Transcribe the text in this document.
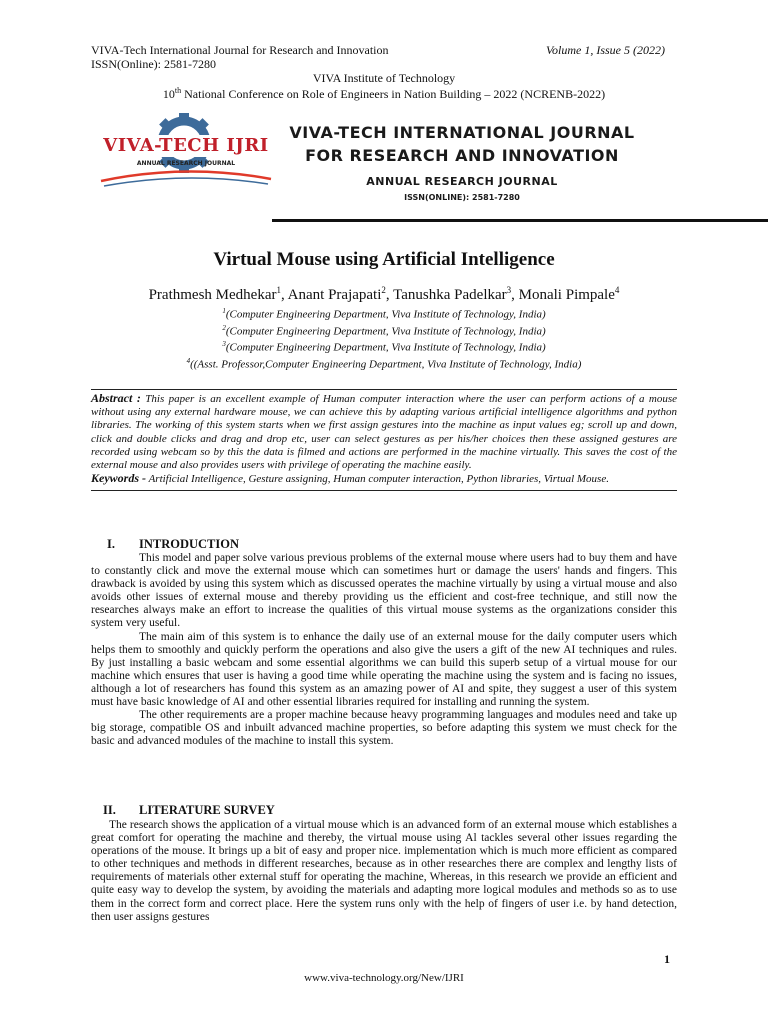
VIVA-Tech International Journal for Research and Innovation	Volume 1, Issue 5 (2022)
ISSN(Online): 2581-7280
VIVA Institute of Technology
10th National Conference on Role of Engineers in Nation Building – 2022 (NCRENB-2022)
VIVA-TECH IJRI
ANNUAL RESEARCH JOURNAL
VIVA-TECH INTERNATIONAL JOURNAL
FOR RESEARCH AND INNOVATION
ANNUAL RESEARCH JOURNAL
ISSN(ONLINE): 2581-7280
Virtual Mouse using Artificial Intelligence
Prathmesh Medhekar$^1$, Anant Prajapati$^2$, Tanushka Padelkar$^3$, Monali Pimpale$^4$
$^1$(Computer Engineering Department, Viva Institute of Technology, India)
$^2$(Computer Engineering Department, Viva Institute of Technology, India)
$^3$(Computer Engineering Department, Viva Institute of Technology, India)
$^4$((Asst. Professor,Computer Engineering Department, Viva Institute of Technology, India)
Abstract : This paper is an excellent example of Human computer interaction where the user can perform actions of a mouse without using any external hardware mouse, we can achieve this by adapting various artificial intelligence algorithms and python libraries. The working of this system starts when we first assign gestures into the machine as input values eg; scroll up and down, click and double clicks and drag and drop etc, user can select gestures as per his/her choices then these assigned gestures are recorded using webcam so by this the data is filmed and actions are performed in the machine virtually. This saves the cost of the external mouse and also provides users with privilege of operating the machine easily.
Keywords - Artificial Intelligence, Gesture assigning, Human computer interaction, Python libraries, Virtual Mouse.
I. INTRODUCTION

This model and paper solve various previous problems of the external mouse where users had to buy them and have to constantly click and move the external mouse which can sometimes hurt or damage the users' hands and fingers. This drawback is avoided by using this system which as discussed operates the machine virtually by using a virtual mouse and also avoids other issues of external mouse and thereby providing us the efficient and cost-free technique, and still now the researches always make an effort to increase the qualities of this virtual mouse systems as the organizations consider this system very useful.

The main aim of this system is to enhance the daily use of an external mouse for the daily computer users which helps them to smoothly and quickly perform the operations and also give the users a gift of the new AI techniques and rules. By just installing a basic webcam and some essential algorithms we can build this superb setup of a virtual mouse for our machine which ensures that user is having a good time while operating the machine using the system and is facing no issues, although a lot of researchers has found this system as an amazing power of AI and spite, they suggest a user of this system must have basic knowledge of AI and other essential libraries required for installing and running the system.

The other requirements are a proper machine because heavy programming languages and modules need and take up big storage, compatible OS and inbuilt advanced machine properties, so before adapting this system we must check for the basic and advanced modules of the machine to install this system.

II. LITERATURE SURVEY

The research shows the application of a virtual mouse which is an advanced form of an external mouse which establishes a great comfort for operating the machine and thereby, the virtual mouse using Al tackles several other issues regarding the operations of the mouse. It brings up a bit of easy and proper nice. implementation which is much more efficient as compared to other techniques and methods in different researches, because as in other researches there are complex and lengthy lists of requirements of materials other external stuff for operating the machine, Whereas, in this research we provide an efficient and quite easy way to develop the system, by avoiding the materials and adapting more logical modules and methods so as to use them in the correct form and correct place. Here the system runs only with the help of fingers of user i.e. by hand detection, then user assigns gestures

1
www.viva-technology.org/New/IJRI
